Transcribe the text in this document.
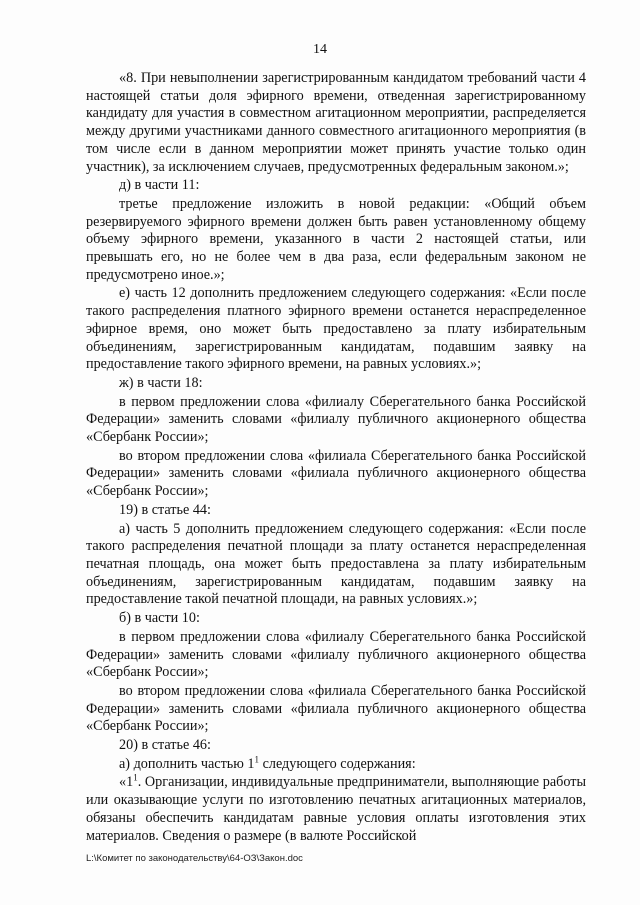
14

«8. При невыполнении зарегистрированным кандидатом требований части 4 настоящей статьи доля эфирного времени, отведенная зарегистрированному кандидату для участия в совместном агитационном мероприятии, распределяется между другими участниками данного совместного агитационного мероприятия (в том числе если в данном мероприятии может принять участие только один участник), за исключением случаев, предусмотренных федеральным законом.»;

д) в части 11:

третье предложение изложить в новой редакции: «Общий объем резервируемого эфирного времени должен быть равен установленному общему объему эфирного времени, указанного в части 2 настоящей статьи, или превышать его, но не более чем в два раза, если федеральным законом не предусмотрено иное.»;

е) часть 12 дополнить предложением следующего содержания: «Если после такого распределения платного эфирного времени останется нераспределенное эфирное время, оно может быть предоставлено за плату избирательным объединениям, зарегистрированным кандидатам, подавшим заявку на предоставление такого эфирного времени, на равных условиях.»;

ж) в части 18:

в первом предложении слова «филиалу Сберегательного банка Российской Федерации» заменить словами «филиалу публичного акционерного общества «Сбербанк России»;

во втором предложении слова «филиала Сберегательного банка Российской Федерации» заменить словами «филиала публичного акционерного общества «Сбербанк России»;

19) в статье 44:

а) часть 5 дополнить предложением следующего содержания: «Если после такого распределения печатной площади за плату останется нераспределенная печатная площадь, она может быть предоставлена за плату избирательным объединениям, зарегистрированным кандидатам, подавшим заявку на предоставление такой печатной площади, на равных условиях.»;

б) в части 10:

в первом предложении слова «филиалу Сберегательного банка Российской Федерации» заменить словами «филиалу публичного акционерного общества «Сбербанк России»;

во втором предложении слова «филиала Сберегательного банка Российской Федерации» заменить словами «филиала публичного акционерного общества «Сбербанк России»;

20) в статье 46:

а) дополнить частью $1^1$ следующего содержания:

«$1^1$. Организации, индивидуальные предприниматели, выполняющие работы или оказывающие услуги по изготовлению печатных агитационных материалов, обязаны обеспечить кандидатам равные условия оплаты изготовления этих материалов. Сведения о размере (в валюте Российской

L:\Комитет по законодательству\64-ОЗ\Закон.doc
